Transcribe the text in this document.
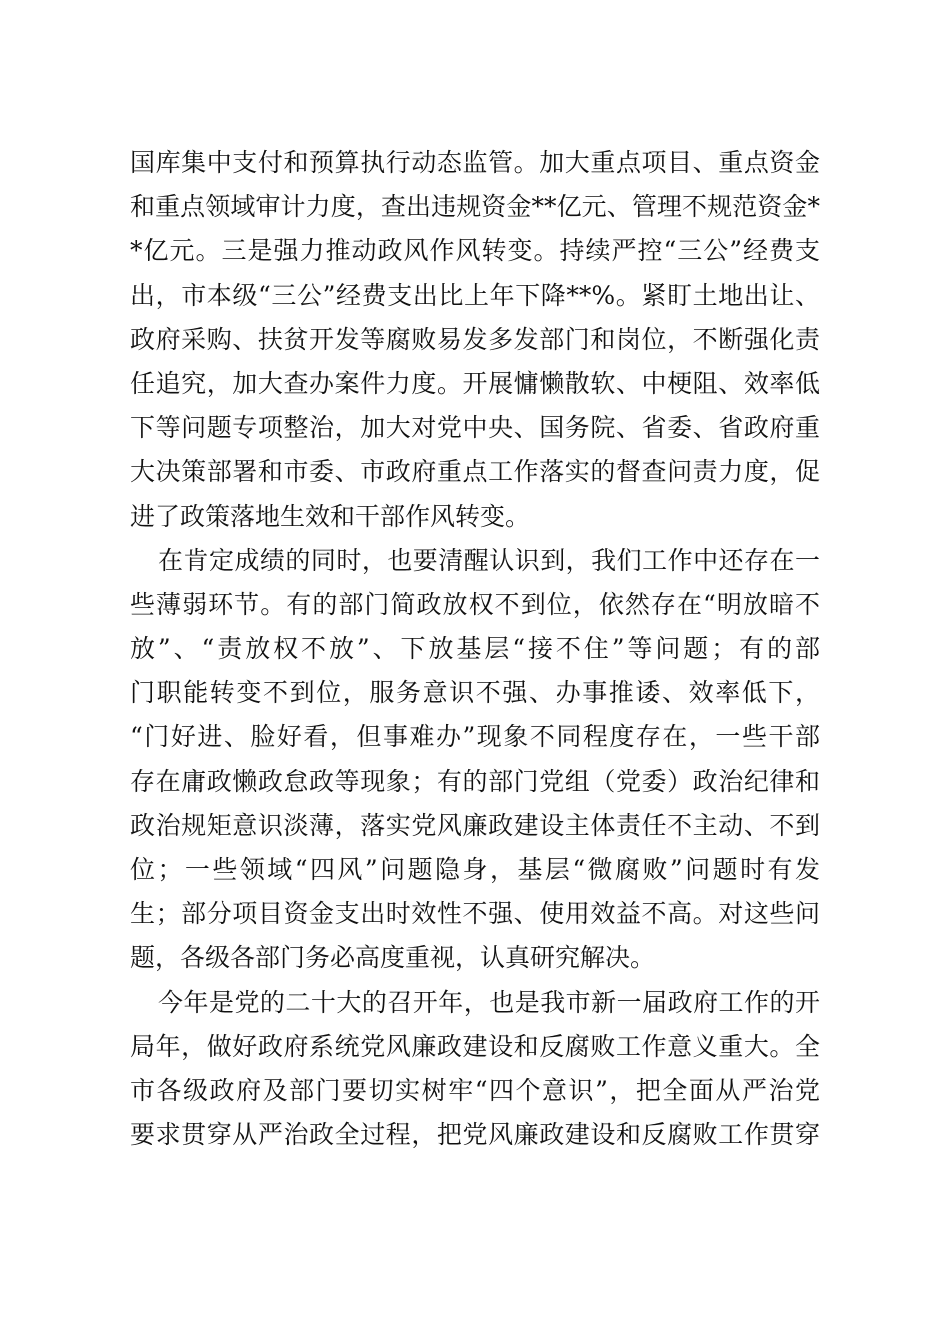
国库集中支付和预算执行动态监管。加大重点项目、重点资金
和重点领域审计力度，查出违规资金**亿元、管理不规范资金*
*亿元。三是强力推动政风作风转变。持续严控“三公”经费支
出，市本级“三公”经费支出比上年下降**%。紧盯土地出让、
政府采购、扶贫开发等腐败易发多发部门和岗位，不断强化责
任追究，加大查办案件力度。开展慵懒散软、中梗阻、效率低
下等问题专项整治，加大对党中央、国务院、省委、省政府重
大决策部署和市委、市政府重点工作落实的督查问责力度，促
进了政策落地生效和干部作风转变。
在肯定成绩的同时，也要清醒认识到，我们工作中还存在一
些薄弱环节。有的部门简政放权不到位，依然存在“明放暗不
放”、“责放权不放”、下放基层“接不住”等问题；有的部
门职能转变不到位，服务意识不强、办事推诿、效率低下，
“门好进、脸好看，但事难办”现象不同程度存在，一些干部
存在庸政懒政怠政等现象；有的部门党组（党委）政治纪律和
政治规矩意识淡薄，落实党风廉政建设主体责任不主动、不到
位；一些领域“四风”问题隐身，基层“微腐败”问题时有发
生；部分项目资金支出时效性不强、使用效益不高。对这些问
题，各级各部门务必高度重视，认真研究解决。
今年是党的二十大的召开年，也是我市新一届政府工作的开
局年，做好政府系统党风廉政建设和反腐败工作意义重大。全
市各级政府及部门要切实树牢“四个意识”，把全面从严治党
要求贯穿从严治政全过程，把党风廉政建设和反腐败工作贯穿
